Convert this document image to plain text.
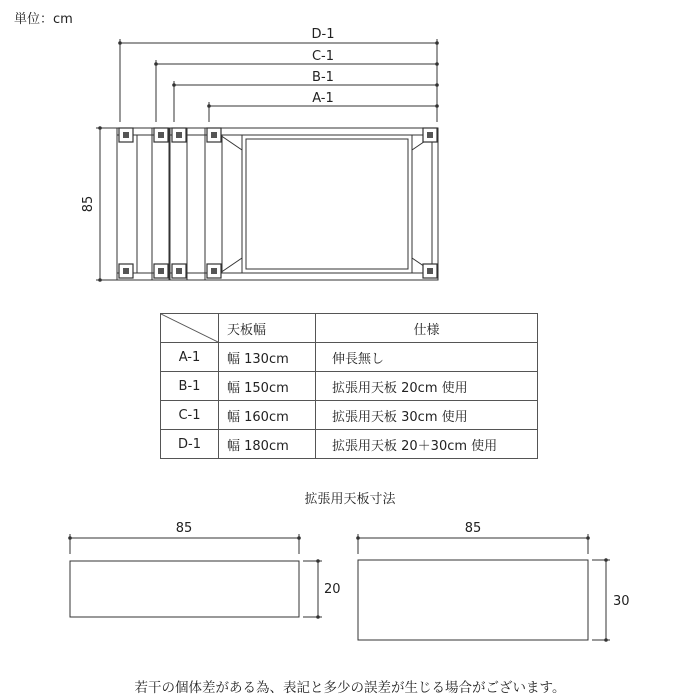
単位：cm
D-1
C-1
B-1
A-1
85
85
20
85
30
	天板幅	仕様
A-1	幅 130cm	伸長無し
B-1	幅 150cm	拡張用天板 20cm 使用
C-1	幅 160cm	拡張用天板 30cm 使用
D-1	幅 180cm	拡張用天板 20＋30cm 使用
拡張用天板寸法
若干の個体差がある為、表記と多少の誤差が生じる場合がございます。
